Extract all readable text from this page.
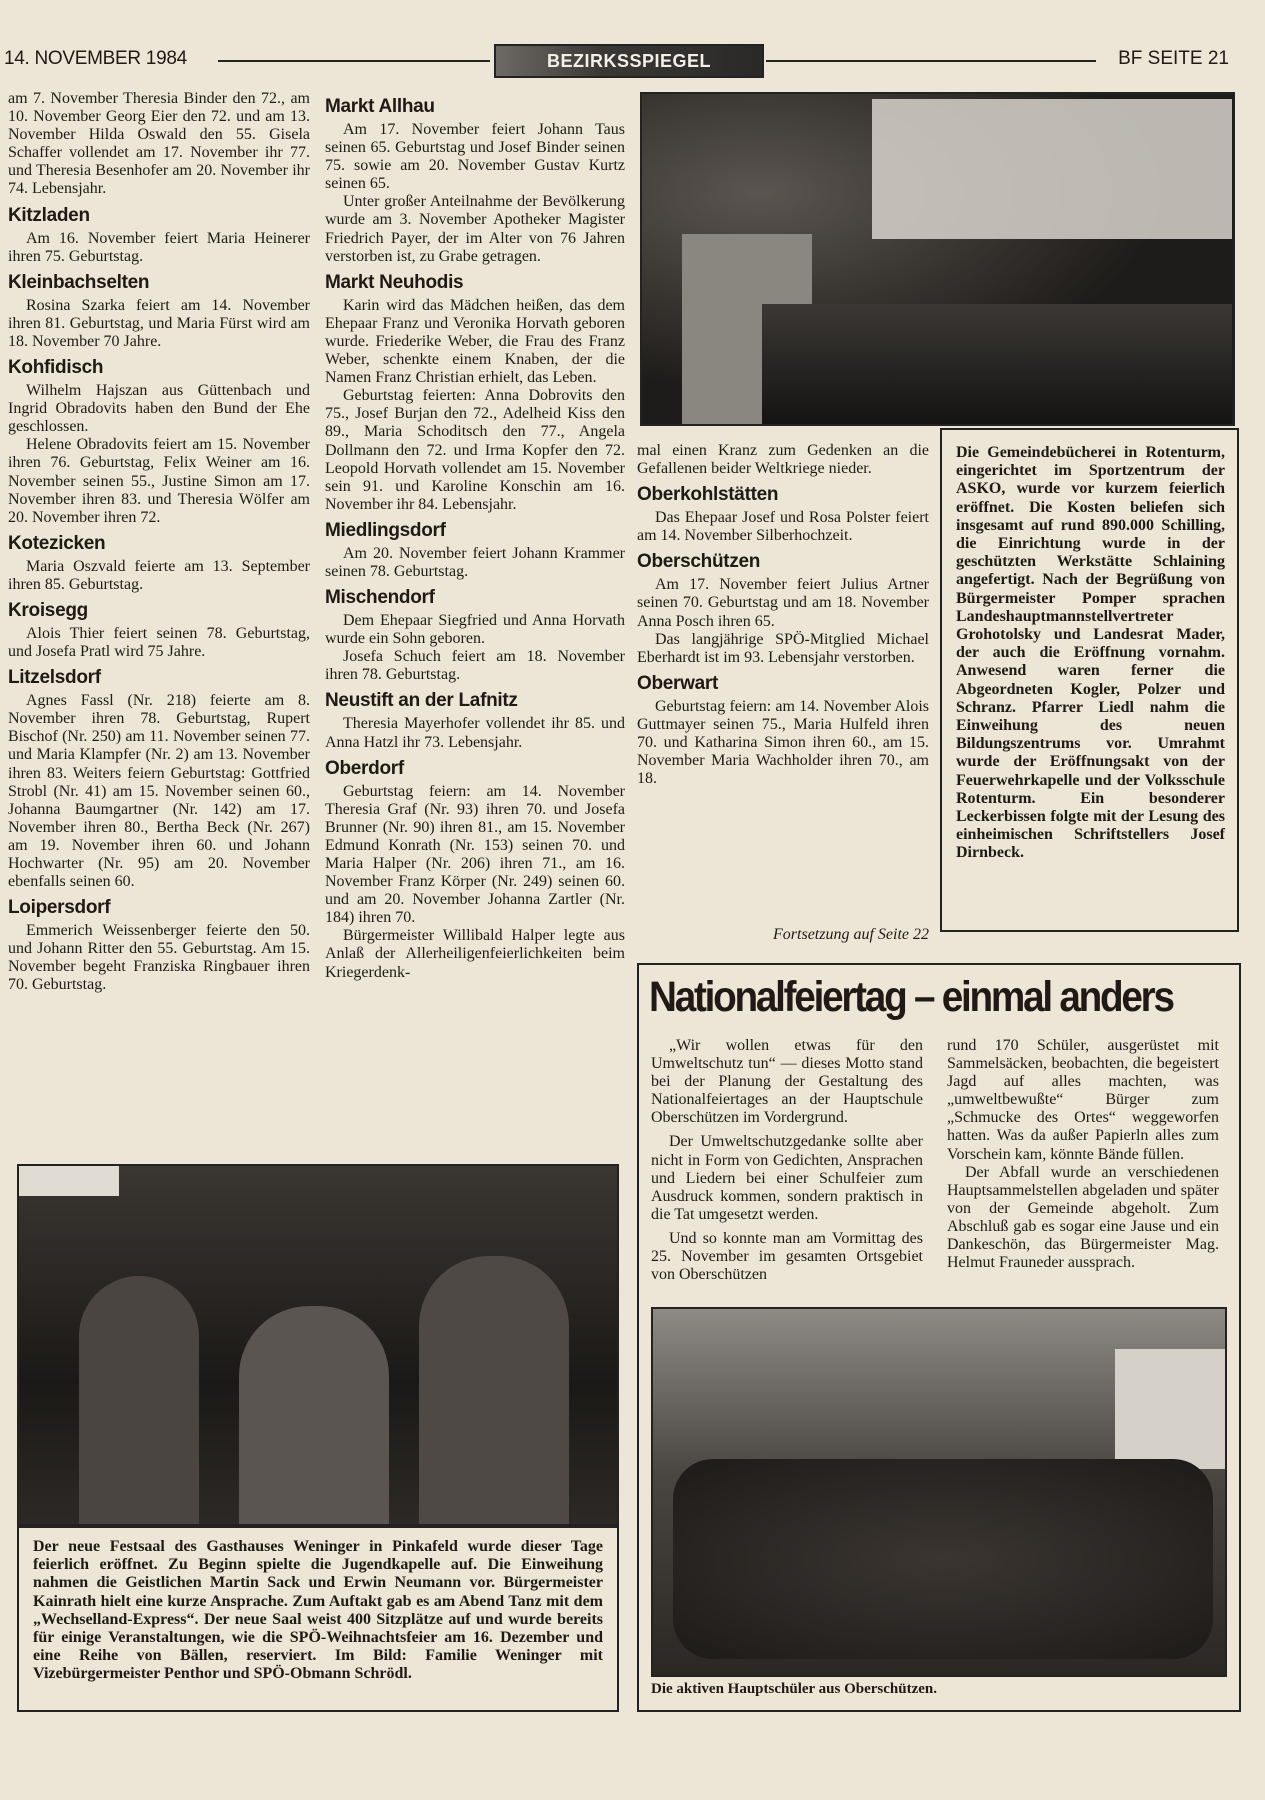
14. NOVEMBER 1984	BEZIRKSSPIEGEL	BF SEITE 21

am 7. November Theresia Binder den 72., am 10. November Georg Eier den 72. und am 13. November Hilda Oswald den 55. Gisela Schaffer vollendet am 17. November ihr 77. und Theresia Besenhofer am 20. November ihr 74. Lebensjahr.

Kitzladen

Am 16. November feiert Maria Heinerer ihren 75. Geburtstag.

Kleinbachselten

Rosina Szarka feiert am 14. November ihren 81. Geburtstag, und Maria Fürst wird am 18. November 70 Jahre.

Kohfidisch

Wilhelm Hajszan aus Güttenbach und Ingrid Obradovits haben den Bund der Ehe geschlossen.

Helene Obradovits feiert am 15. November ihren 76. Geburtstag, Felix Weiner am 16. November seinen 55., Justine Simon am 17. November ihren 83. und Theresia Wölfer am 20. November ihren 72.

Kotezicken

Maria Oszvald feierte am 13. September ihren 85. Geburtstag.

Kroisegg

Alois Thier feiert seinen 78. Geburtstag, und Josefa Pratl wird 75 Jahre.

Litzelsdorf

Agnes Fassl (Nr. 218) feierte am 8. November ihren 78. Geburtstag, Rupert Bischof (Nr. 250) am 11. November seinen 77. und Maria Klampfer (Nr. 2) am 13. November ihren 83. Weiters feiern Geburtstag: Gottfried Strobl (Nr. 41) am 15. November seinen 60., Johanna Baumgartner (Nr. 142) am 17. November ihren 80., Bertha Beck (Nr. 267) am 19. November ihren 60. und Johann Hochwarter (Nr. 95) am 20. November ebenfalls seinen 60.

Loipersdorf

Emmerich Weissenberger feierte den 50. und Johann Ritter den 55. Geburtstag. Am 15. November begeht Franziska Ringbauer ihren 70. Geburtstag.

Markt Allhau

Am 17. November feiert Johann Taus seinen 65. Geburtstag und Josef Binder seinen 75. sowie am 20. November Gustav Kurtz seinen 65.

Unter großer Anteilnahme der Bevölkerung wurde am 3. November Apotheker Magister Friedrich Payer, der im Alter von 76 Jahren verstorben ist, zu Grabe getragen.

Markt Neuhodis

Karin wird das Mädchen heißen, das dem Ehepaar Franz und Veronika Horvath geboren wurde. Friederike Weber, die Frau des Franz Weber, schenkte einem Knaben, der die Namen Franz Christian erhielt, das Leben.

Geburtstag feierten: Anna Dobrovits den 75., Josef Burjan den 72., Adelheid Kiss den 89., Maria Schoditsch den 77., Angela Dollmann den 72. und Irma Kopfer den 72. Leopold Horvath vollendet am 15. November sein 91. und Karoline Konschin am 16. November ihr 84. Lebensjahr.

Miedlingsdorf

Am 20. November feiert Johann Krammer seinen 78. Geburtstag.

Mischendorf

Dem Ehepaar Siegfried und Anna Horvath wurde ein Sohn geboren.

Josefa Schuch feiert am 18. November ihren 78. Geburtstag.

Neustift an der Lafnitz

Theresia Mayerhofer vollendet ihr 85. und Anna Hatzl ihr 73. Lebensjahr.

Oberdorf

Geburtstag feiern: am 14. November Theresia Graf (Nr. 93) ihren 70. und Josefa Brunner (Nr. 90) ihren 81., am 15. November Edmund Konrath (Nr. 153) seinen 70. und Maria Halper (Nr. 206) ihren 71., am 16. November Franz Körper (Nr. 249) seinen 60. und am 20. November Johanna Zartler (Nr. 184) ihren 70.

Bürgermeister Willibald Halper legte aus Anlaß der Allerheiligenfeierlichkeiten beim Kriegerdenk-

mal einen Kranz zum Gedenken an die Gefallenen beider Weltkriege nieder.

Oberkohlstätten

Das Ehepaar Josef und Rosa Polster feiert am 14. November Silberhochzeit.

Oberschützen

Am 17. November feiert Julius Artner seinen 70. Geburtstag und am 18. November Anna Posch ihren 65.

Das langjährige SPÖ-Mitglied Michael Eberhardt ist im 93. Lebensjahr verstorben.

Oberwart

Geburtstag feiern: am 14. November Alois Guttmayer seinen 75., Maria Hulfeld ihren 70. und Katharina Simon ihren 60., am 15. November Maria Wachholder ihren 70., am 18.

Fortsetzung auf Seite 22
Die Gemeindebücherei in Rotenturm, eingerichtet im Sportzentrum der ASKO, wurde vor kurzem feierlich eröffnet. Die Kosten beliefen sich insgesamt auf rund 890.000 Schilling, die Einrichtung wurde in der geschützten Werkstätte Schlaining angefertigt. Nach der Begrüßung von Bürgermeister Pomper sprachen Landeshauptmannstellvertreter Grohotolsky und Landesrat Mader, der auch die Eröffnung vornahm. Anwesend waren ferner die Abgeordneten Kogler, Polzer und Schranz. Pfarrer Liedl nahm die Einweihung des neuen Bildungszentrums vor. Umrahmt wurde der Eröffnungsakt von der Feuerwehrkapelle und der Volksschule Rotenturm. Ein besonderer Leckerbissen folgte mit der Lesung des einheimischen Schriftstellers Josef Dirnbeck.
Der neue Festsaal des Gasthauses Weninger in Pinkafeld wurde dieser Tage feierlich eröffnet. Zu Beginn spielte die Jugendkapelle auf. Die Einweihung nahmen die Geistlichen Martin Sack und Erwin Neumann vor. Bürgermeister Kainrath hielt eine kurze Ansprache. Zum Auftakt gab es am Abend Tanz mit dem „Wechselland-Express“. Der neue Saal weist 400 Sitzplätze auf und wurde bereits für einige Veranstaltungen, wie die SPÖ-Weihnachtsfeier am 16. Dezember und eine Reihe von Bällen, reserviert. Im Bild: Familie Weninger mit Vizebürgermeister Penthor und SPÖ-Obmann Schrödl.
Nationalfeiertag – einmal anders

„Wir wollen etwas für den Umweltschutz tun“ — dieses Motto stand bei der Planung der Gestaltung des Nationalfeiertages an der Hauptschule Oberschützen im Vordergrund.

Der Umweltschutzgedanke sollte aber nicht in Form von Gedichten, Ansprachen und Liedern bei einer Schulfeier zum Ausdruck kommen, sondern praktisch in die Tat umgesetzt werden.

Und so konnte man am Vormittag des 25. November im gesamten Ortsgebiet von Oberschützen

rund 170 Schüler, ausgerüstet mit Sammelsäcken, beobachten, die begeistert Jagd auf alles machten, was „umweltbewußte“ Bürger zum „Schmucke des Ortes“ weggeworfen hatten. Was da außer Papierln alles zum Vorschein kam, könnte Bände füllen.

Der Abfall wurde an verschiedenen Hauptsammelstellen abgeladen und später von der Gemeinde abgeholt. Zum Abschluß gab es sogar eine Jause und ein Dankeschön, das Bürgermeister Mag. Helmut Frauneder aussprach.

Die aktiven Hauptschüler aus Oberschützen.
